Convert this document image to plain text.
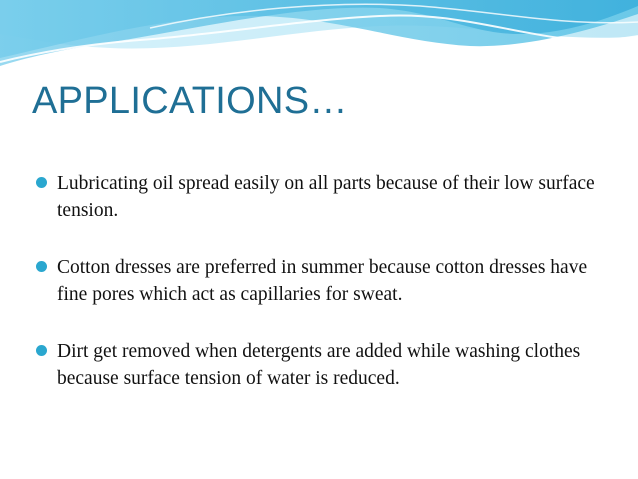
APPLICATIONS…
Lubricating oil spread easily on all parts because of their low surface tension.
Cotton dresses are preferred in summer because cotton dresses have fine pores which act as capillaries for sweat.
Dirt get removed when detergents are added while washing clothes because surface tension of water is reduced.
